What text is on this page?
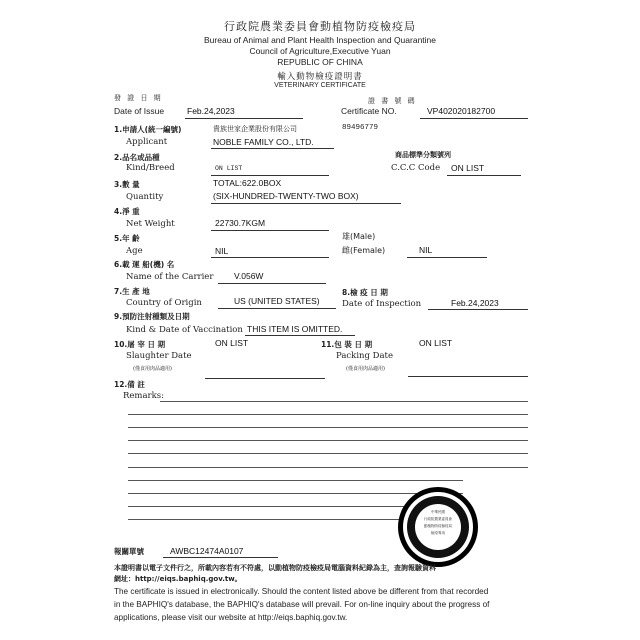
行政院農業委員會動植物防疫檢疫局
Bureau of Animal and Plant Health Inspection and Quarantine
Council of Agriculture,Executive Yuan
REPUBLIC OF CHINA
輸入動物檢疫證明書
VETERINARY CERTIFICATE
發 證 日 期
Date of Issue	Feb.24,2023
證 書 號 碼
Certificate NO.	VP402020182700
1.申請人(統一編號)
Applicant
貴族世家企業股份有限公司	89496779
NOBLE FAMILY CO., LTD.
2.品名或品種
Kind/Breed	ON LIST
商品標準分類號列
C.C.C Code ON LIST
3.數 量
Quantity
TOTAL:622.0BOX
(SIX-HUNDRED-TWENTY-TWO BOX)
4.淨 重
Net Weight	22730.7KGM
5.年 齡
Age	NIL
雄(Male)
雌(Female)	NIL
6.載 運 船(機) 名
Name of the Carrier V.056W
7.生 產 地
Country of Origin	US (UNITED STATES)
8.檢 疫 日 期
Date of Inspection	Feb.24,2023
9.預防注射種類及日期
Kind & Date of Vaccination THIS ITEM IS OMITTED.
10.屠 宰 日 期
Slaughter Date
ON LIST
(僅食用肉品適用)
11.包 裝 日 期
Packing Date
ON LIST
(僅食用肉品適用)
12.備 註
Remarks:
中華民國
行政院農業委員會
動植物防疫檢疫局
檢疫專用
報關單號	AWBC12474A0107
本證明書以電子文件行之，所載內容若有不符處，以動植物防疫檢疫局電腦資料紀錄為主，查詢報驗資料
網址：http://eiqs.baphiq.gov.tw。
The certificate is issued in electronically. Should the content listed above be different from that recorded
in the BAPHIQ's database, the BAPHIQ's database will prevail. For on-line inquiry about the progress of
applications, please visit our website at http://eiqs.baphiq.gov.tw.
